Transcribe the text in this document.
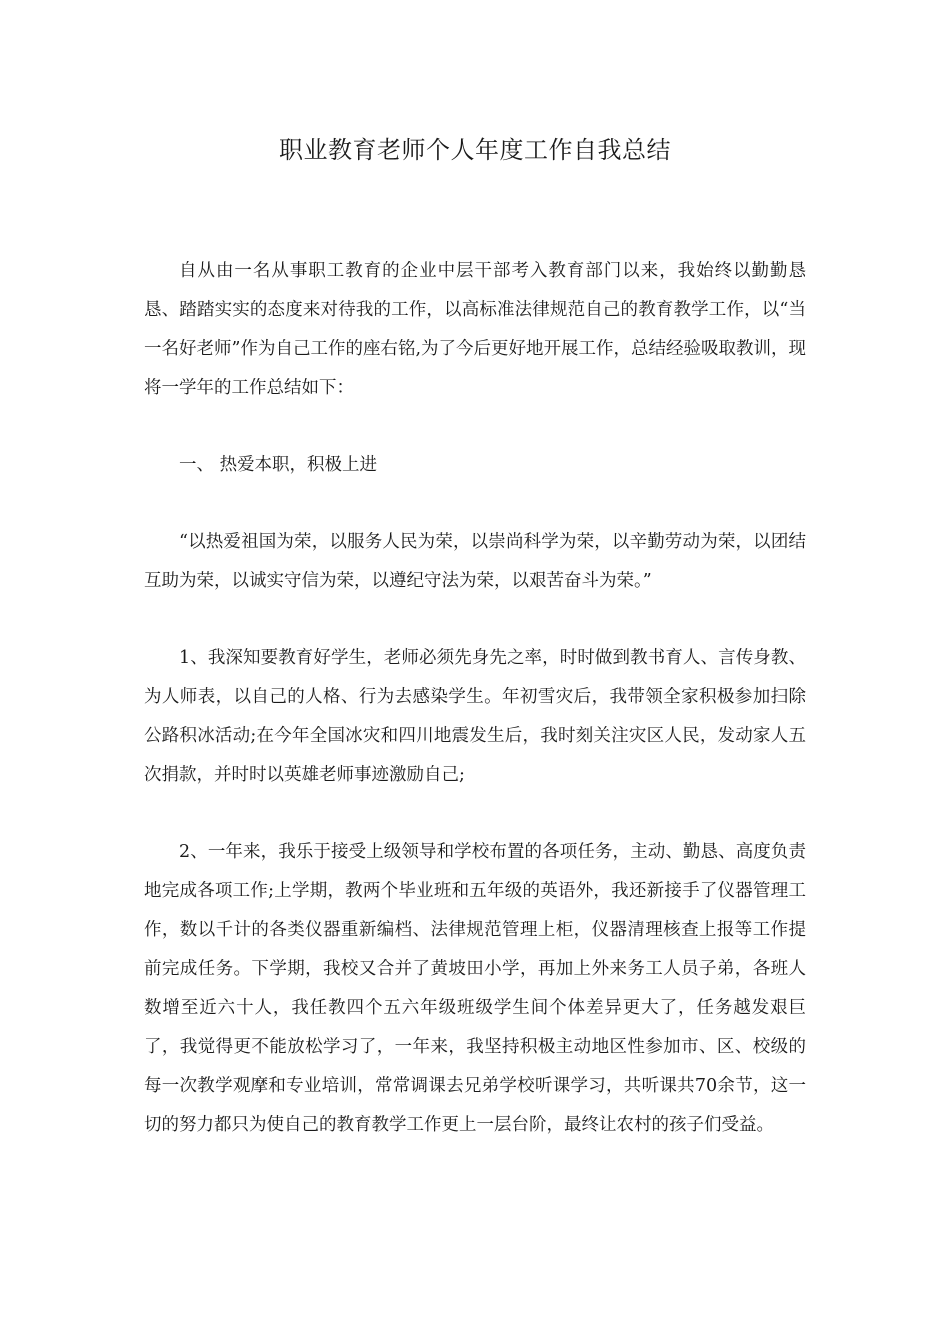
职业教育老师个人年度工作自我总结

自从由一名从事职工教育的企业中层干部考入教育部门以来，我始终以勤勤恳恳、踏踏实实的态度来对待我的工作，以高标准法律规范自己的教育教学工作，以“当一名好老师”作为自己工作的座右铭,为了今后更好地开展工作，总结经验吸取教训，现将一学年的工作总结如下：

一、 热爱本职，积极上进

“以热爱祖国为荣，以服务人民为荣，以崇尚科学为荣，以辛勤劳动为荣，以团结互助为荣，以诚实守信为荣，以遵纪守法为荣，以艰苦奋斗为荣。”

1、我深知要教育好学生，老师必须先身先之率，时时做到教书育人、言传身教、为人师表，以自己的人格、行为去感染学生。年初雪灾后，我带领全家积极参加扫除公路积冰活动;在今年全国冰灾和四川地震发生后，我时刻关注灾区人民，发动家人五次捐款，并时时以英雄老师事迹激励自己;

2、一年来，我乐于接受上级领导和学校布置的各项任务，主动、勤恳、高度负责地完成各项工作;上学期，教两个毕业班和五年级的英语外，我还新接手了仪器管理工作，数以千计的各类仪器重新编档、法律规范管理上柜，仪器清理核查上报等工作提前完成任务。下学期，我校又合并了黄坡田小学，再加上外来务工人员子弟，各班人数增至近六十人，我任教四个五六年级班级学生间个体差异更大了，任务越发艰巨了，我觉得更不能放松学习了，一年来，我坚持积极主动地区性参加市、区、校级的每一次教学观摩和专业培训，常常调课去兄弟学校听课学习，共听课共70余节，这一切的努力都只为使自己的教育教学工作更上一层台阶，最终让农村的孩子们受益。
